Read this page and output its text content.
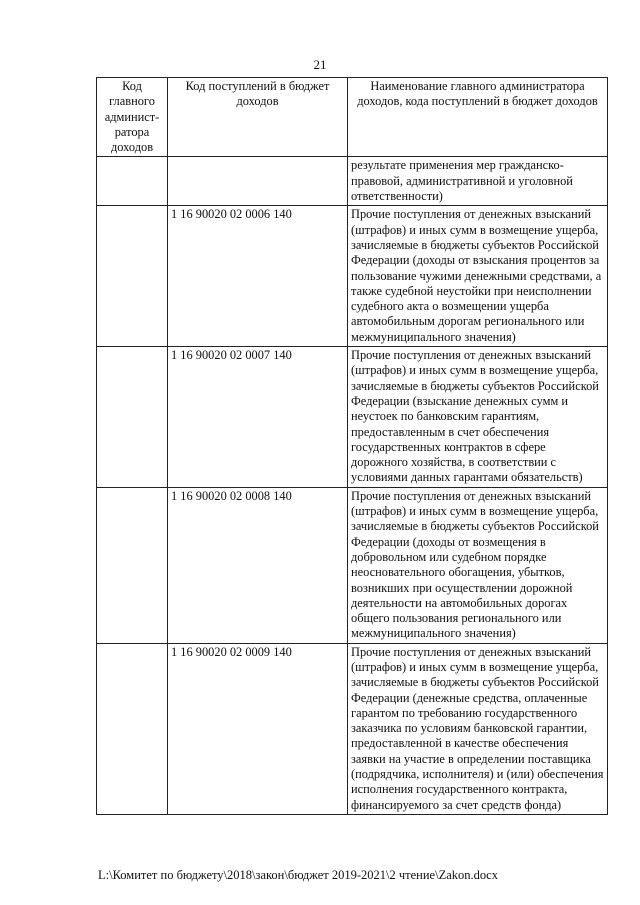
21
Код главного админист-ратора доходов	Код поступлений в бюджет доходов	Наименование главного администратора доходов, кода поступлений в бюджет доходов
		результате применения мер гражданско-правовой, административной и уголовной ответственности)
	1 16 90020 02 0006 140	Прочие поступления от денежных взысканий (штрафов) и иных сумм в возмещение ущерба, зачисляемые в бюджеты субъектов Российской Федерации (доходы от взыскания процентов за пользование чужими денежными средствами, а также судебной неустойки при неисполнении судебного акта о возмещении ущерба автомобильным дорогам регионального или межмуниципального значения)
	1 16 90020 02 0007 140	Прочие поступления от денежных взысканий (штрафов) и иных сумм в возмещение ущерба, зачисляемые в бюджеты субъектов Российской Федерации (взыскание денежных сумм и неустоек по банковским гарантиям, предоставленным в счет обеспечения государственных контрактов в сфере дорожного хозяйства, в соответствии с условиями данных гарантами обязательств)
	1 16 90020 02 0008 140	Прочие поступления от денежных взысканий (штрафов) и иных сумм в возмещение ущерба, зачисляемые в бюджеты субъектов Российской Федерации (доходы от возмещения в добровольном или судебном порядке неосновательного обогащения, убытков, возникших при осуществлении дорожной деятельности на автомобильных дорогах общего пользования регионального или межмуниципального значения)
	1 16 90020 02 0009 140	Прочие поступления от денежных взысканий (штрафов) и иных сумм в возмещение ущерба, зачисляемые в бюджеты субъектов Российской Федерации (денежные средства, оплаченные гарантом по требованию государственного заказчика по условиям банковской гарантии, предоставленной в качестве обеспечения заявки на участие в определении поставщика (подрядчика, исполнителя) и (или) обеспечения исполнения государственного контракта, финансируемого за счет средств фонда)
L:\Комитет по бюджету\2018\закон\бюджет 2019-2021\2 чтение\Zakon.docx
